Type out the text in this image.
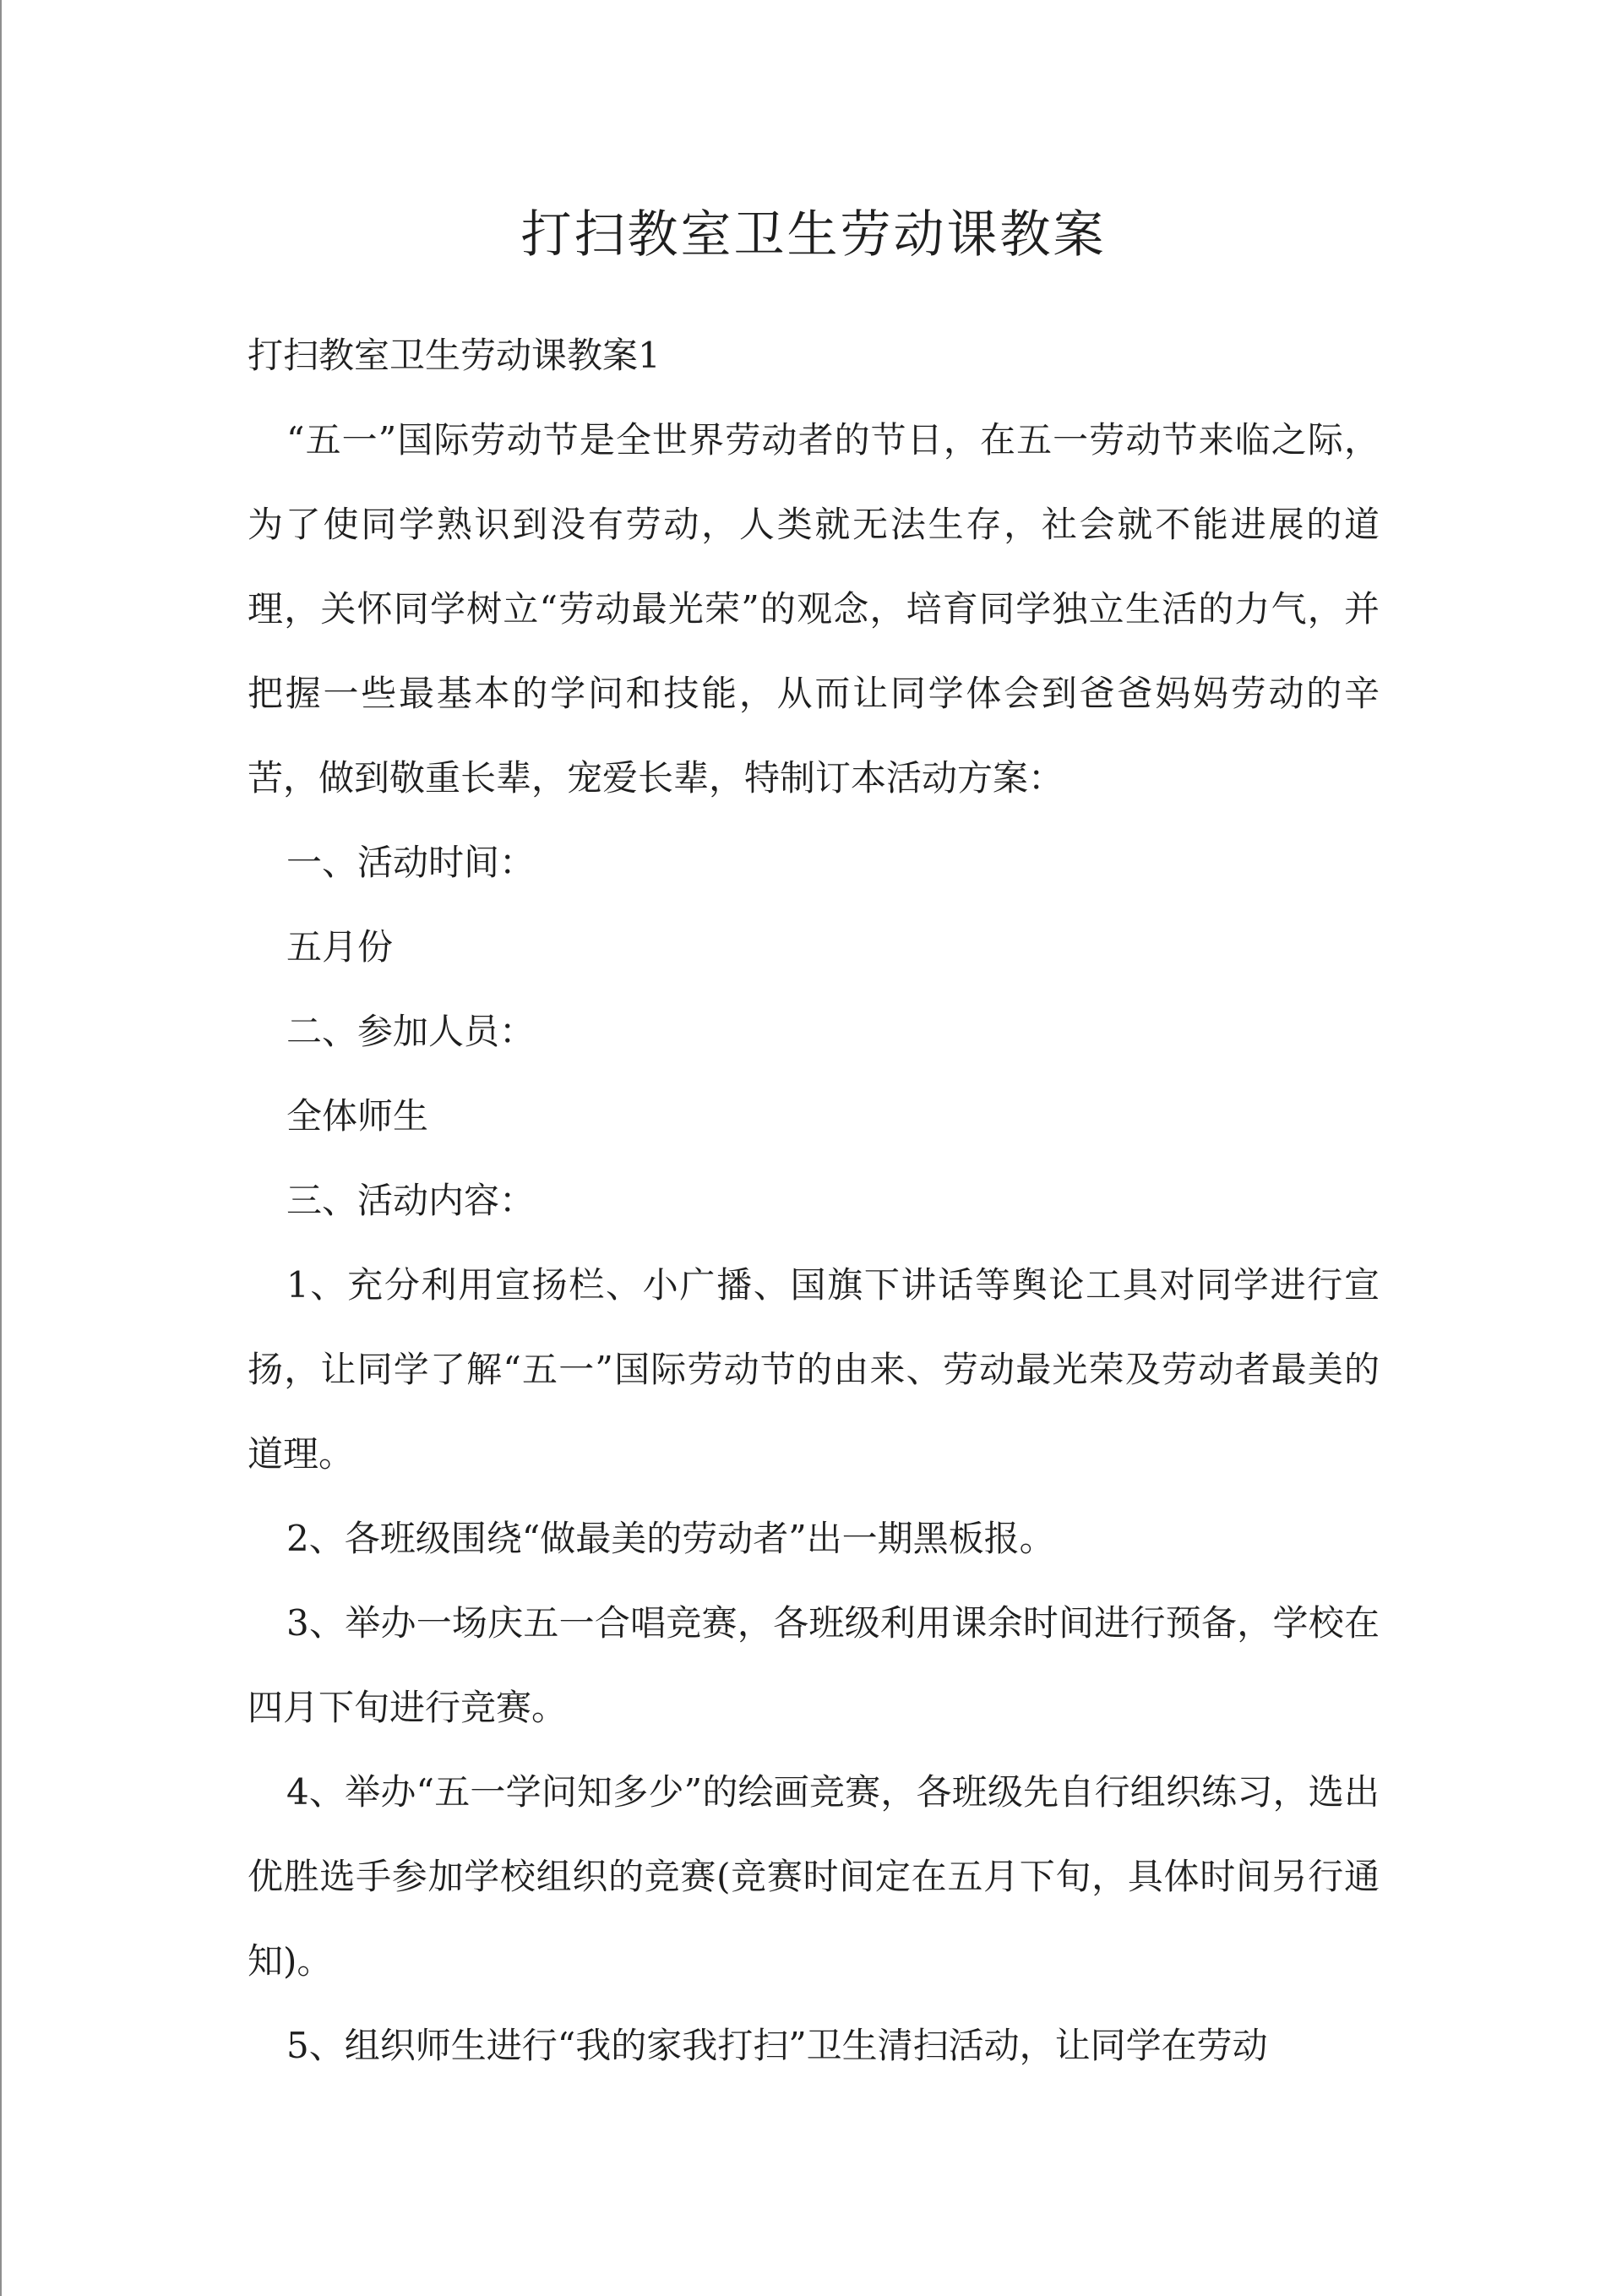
打扫教室卫生劳动课教案

打扫教室卫生劳动课教案1

“五一”国际劳动节是全世界劳动者的节日，在五一劳动节来临之际，为了使同学熟识到没有劳动，人类就无法生存，社会就不能进展的道理，关怀同学树立“劳动最光荣”的观念，培育同学独立生活的力气，并把握一些最基本的学问和技能，从而让同学体会到爸爸妈妈劳动的辛苦，做到敬重长辈，宠爱长辈，特制订本活动方案：

一、活动时间：

五月份

二、参加人员：

全体师生

三、活动内容：

1、充分利用宣扬栏、小广播、国旗下讲话等舆论工具对同学进行宣扬，让同学了解“五一”国际劳动节的由来、劳动最光荣及劳动者最美的道理。

2、各班级围绕“做最美的劳动者”出一期黑板报。

3、举办一场庆五一合唱竞赛，各班级利用课余时间进行预备，学校在四月下旬进行竞赛。

4、举办“五一学问知多少”的绘画竞赛，各班级先自行组织练习，选出优胜选手参加学校组织的竞赛(竞赛时间定在五月下旬，具体时间另行通知)。

5、组织师生进行“我的家我打扫”卫生清扫活动，让同学在劳动
